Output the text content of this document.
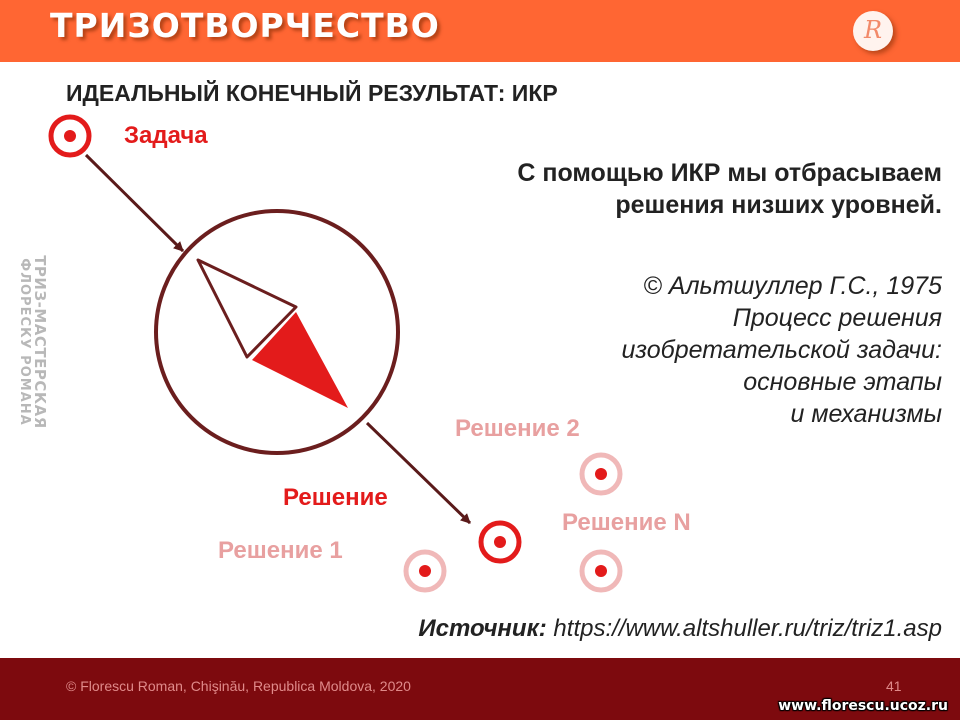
ТРИЗОТВОРЧЕСТВО	R
ТРИЗ-МАСТЕРСКАЯ
ФЛОРЕСКУ РОМАНА
ИДЕАЛЬНЫЙ КОНЕЧНЫЙ РЕЗУЛЬТАТ: ИКР
Задача
Решение
Решение 1
Решение 2
Решение N
С помощью ИКР мы отбрасываем
решения низших уровней.
© Альтшуллер Г.С., 1975
Процесс решения
изобретательской задачи:
основные этапы
и механизмы
Источник: https://www.altshuller.ru/triz/triz1.asp
© Florescu Roman, Chişinău, Republica Moldova, 2020	41
www.florescu.ucoz.ru
